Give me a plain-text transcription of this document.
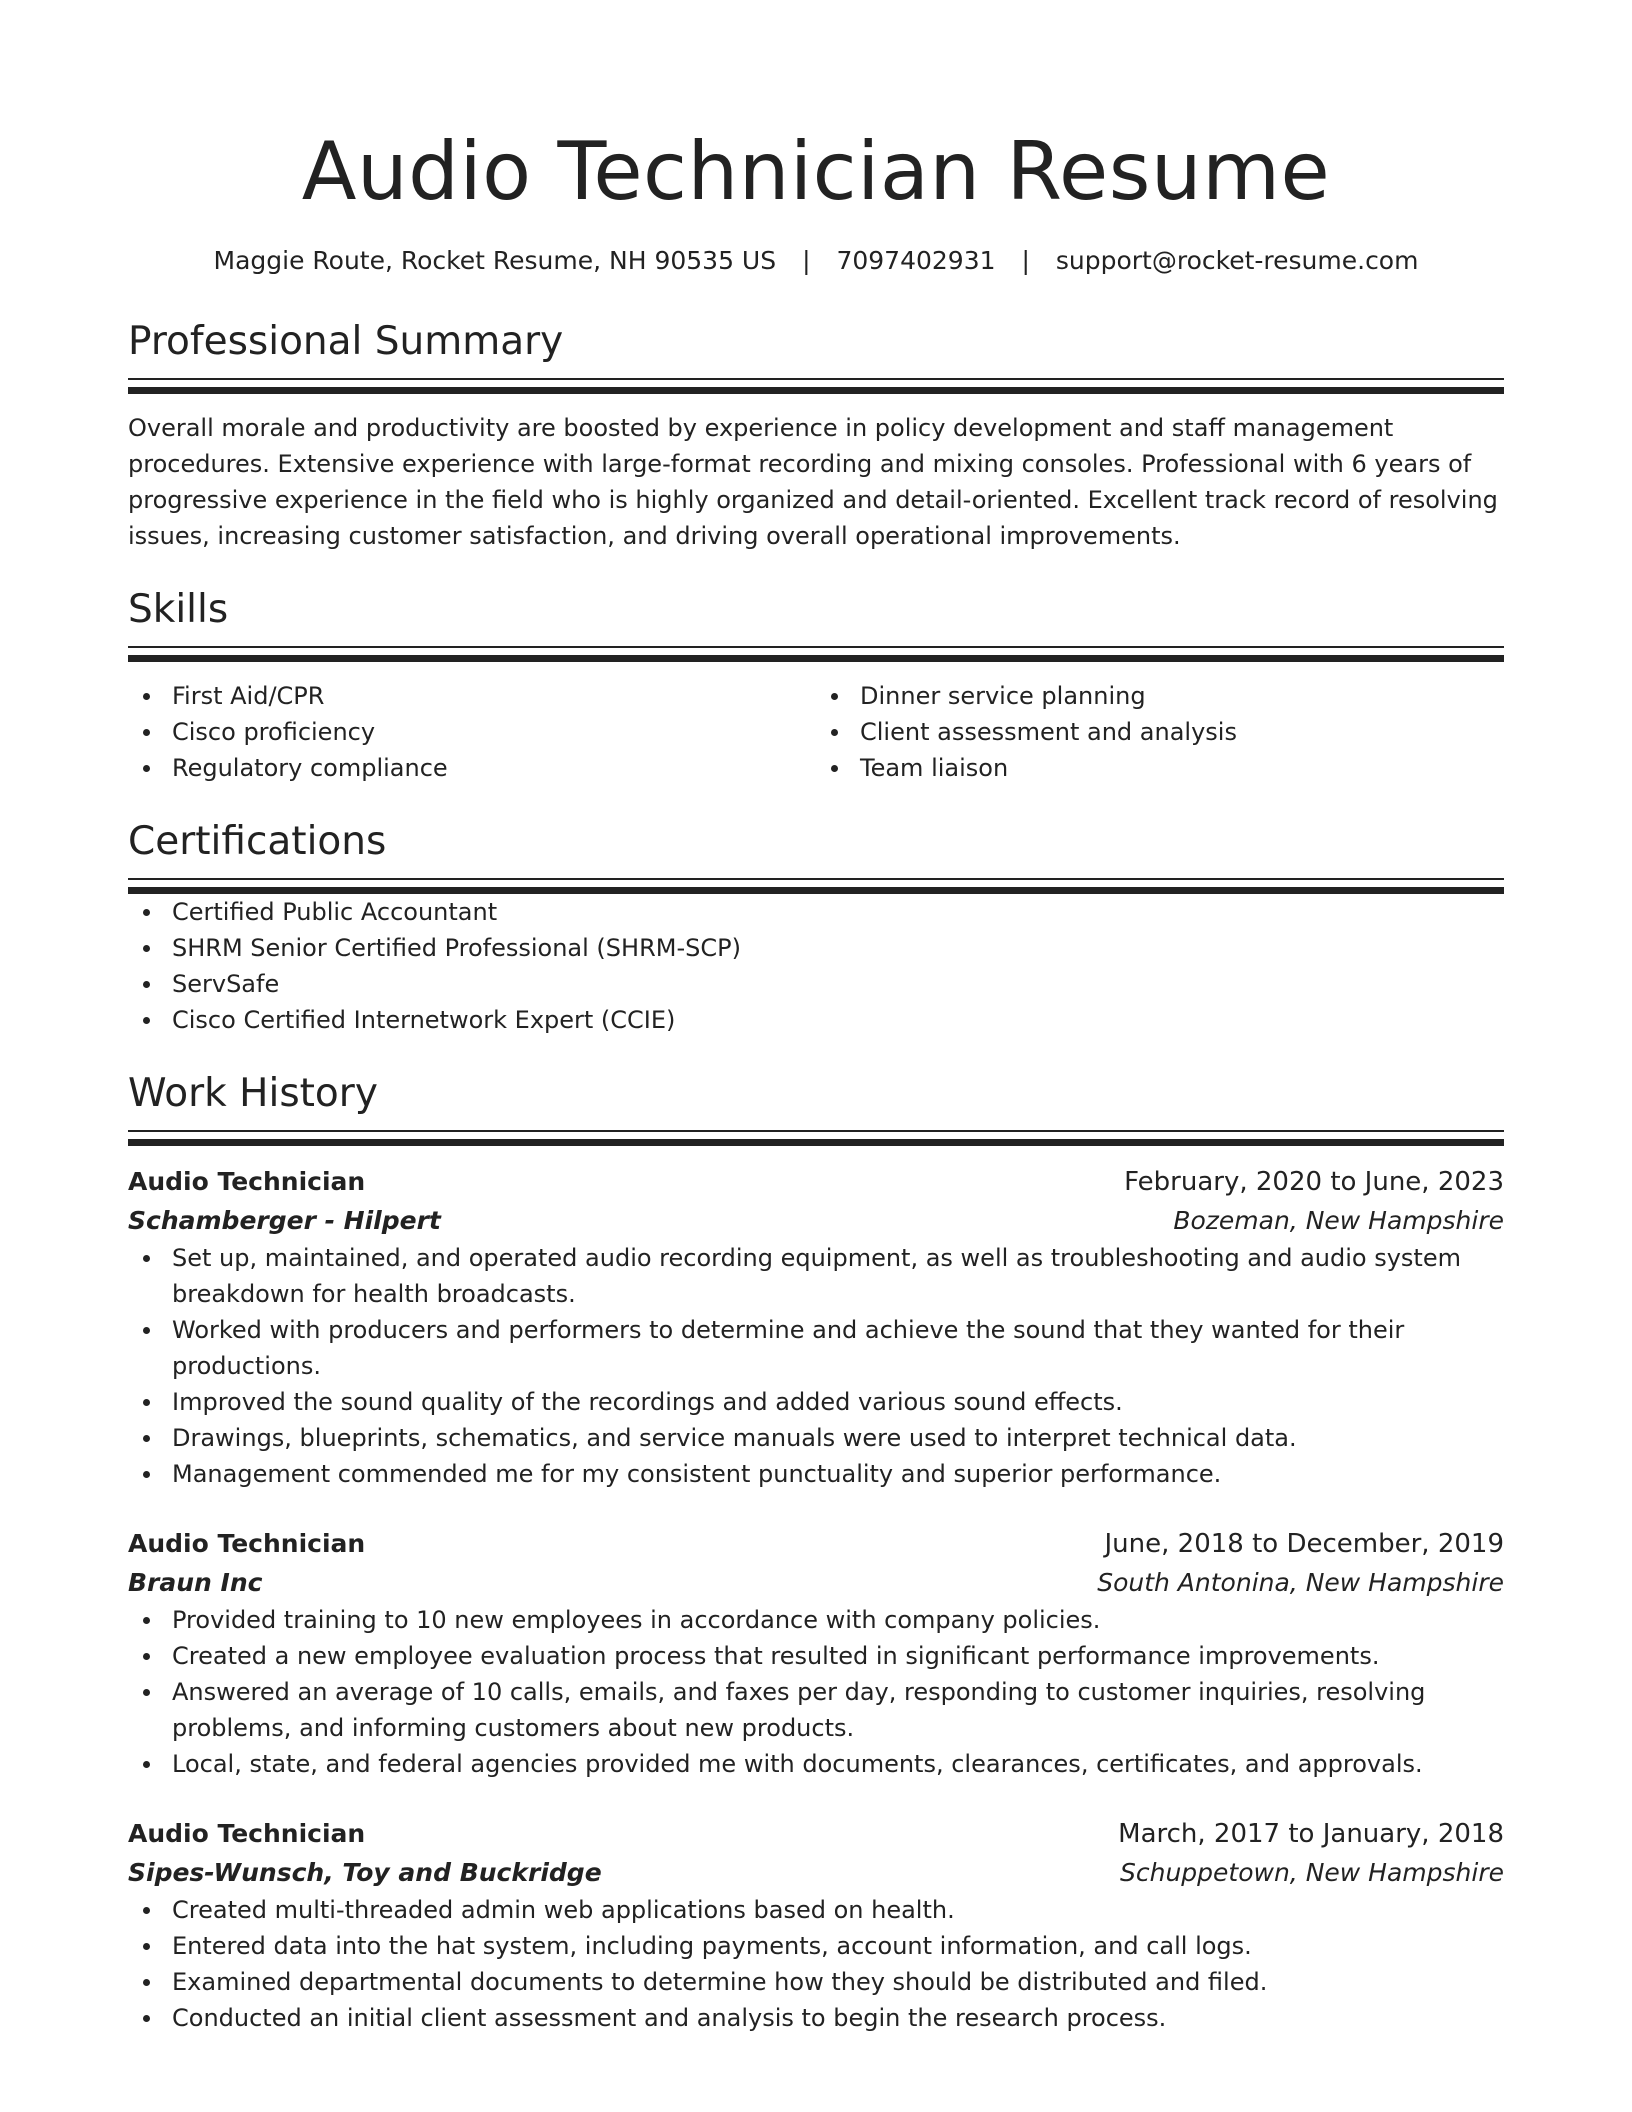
Audio Technician Resume
Maggie Route, Rocket Resume, NH 90535 US | 7097402931 | support@rocket-resume.com
Professional Summary

Overall morale and productivity are boosted by experience in policy development and staff management procedures. Extensive experience with large-format recording and mixing consoles. Professional with 6 years of progressive experience in the field who is highly organized and detail-oriented. Excellent track record of resolving issues, increasing customer satisfaction, and driving overall operational improvements.

Skills
First Aid/CPR
Cisco proficiency
Regulatory compliance
Dinner service planning
Client assessment and analysis
Team liaison
Certifications
Certified Public Accountant
SHRM Senior Certified Professional (SHRM-SCP)
ServSafe
Cisco Certified Internetwork Expert (CCIE)
Work History
Audio Technician	February, 2020 to June, 2023
Schamberger - Hilpert	Bozeman, New Hampshire
Set up, maintained, and operated audio recording equipment, as well as troubleshooting and audio system breakdown for health broadcasts.
Worked with producers and performers to determine and achieve the sound that they wanted for their productions.
Improved the sound quality of the recordings and added various sound effects.
Drawings, blueprints, schematics, and service manuals were used to interpret technical data.
Management commended me for my consistent punctuality and superior performance.
Audio Technician	June, 2018 to December, 2019
Braun Inc	South Antonina, New Hampshire
Provided training to 10 new employees in accordance with company policies.
Created a new employee evaluation process that resulted in significant performance improvements.
Answered an average of 10 calls, emails, and faxes per day, responding to customer inquiries, resolving problems, and informing customers about new products.
Local, state, and federal agencies provided me with documents, clearances, certificates, and approvals.
Audio Technician	March, 2017 to January, 2018
Sipes-Wunsch, Toy and Buckridge	Schuppetown, New Hampshire
Created multi-threaded admin web applications based on health.
Entered data into the hat system, including payments, account information, and call logs.
Examined departmental documents to determine how they should be distributed and filed.
Conducted an initial client assessment and analysis to begin the research process.
